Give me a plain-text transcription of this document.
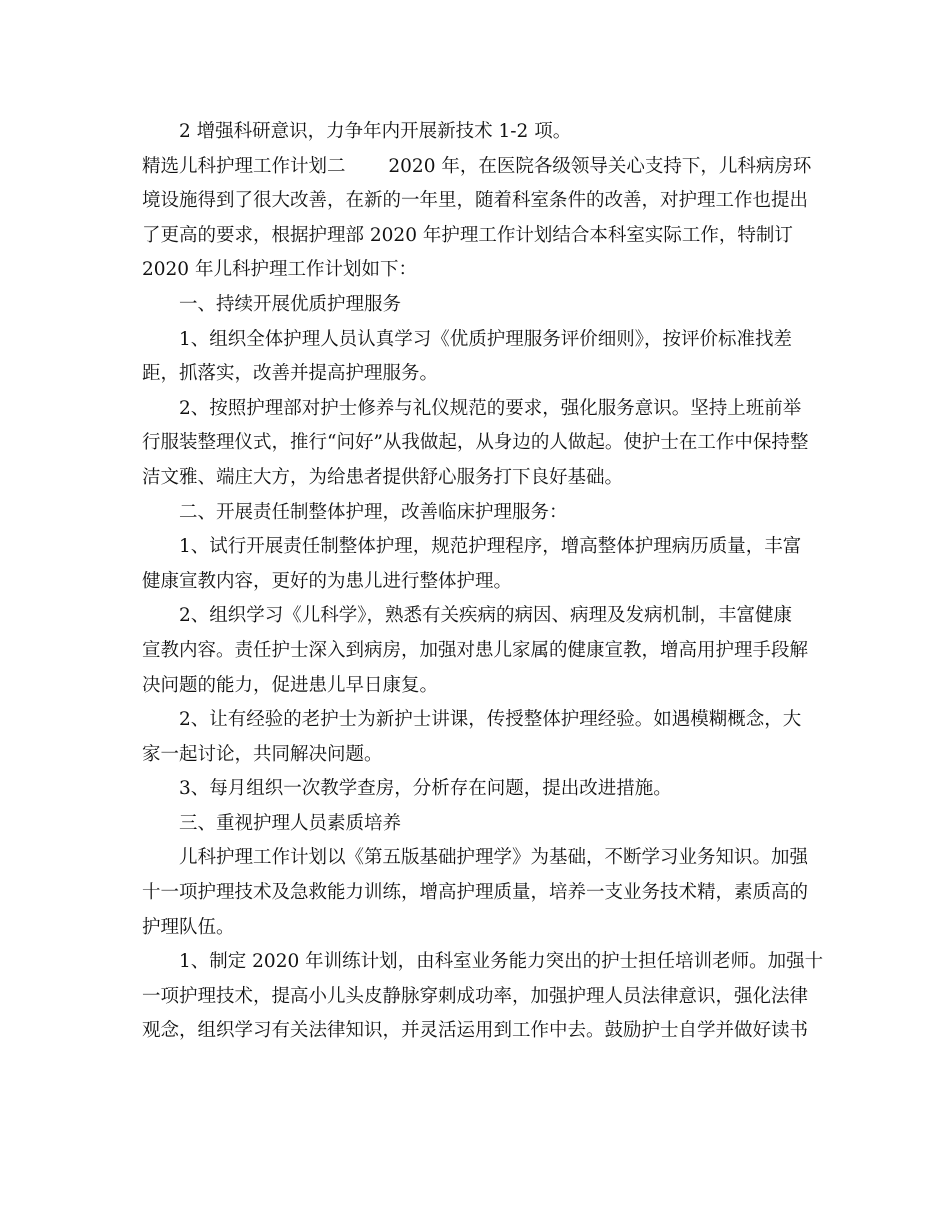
2 增强科研意识，力争年内开展新技术 1-2 项。
精选儿科护理工作计划二　　 2020 年，在医院各级领导关心支持下，儿科病房环
境设施得到了很大改善，在新的一年里，随着科室条件的改善，对护理工作也提出
了更高的要求，根据护理部 2020 年护理工作计划结合本科室实际工作，特制订
2020 年儿科护理工作计划如下：
一、持续开展优质护理服务
1、组织全体护理人员认真学习《优质护理服务评价细则》，按评价标准找差
距，抓落实，改善并提高护理服务。
2、按照护理部对护士修养与礼仪规范的要求，强化服务意识。坚持上班前举
行服装整理仪式，推行“问好”从我做起，从身边的人做起。使护士在工作中保持整
洁文雅、端庄大方，为给患者提供舒心服务打下良好基础。
二、开展责任制整体护理，改善临床护理服务：
1、试行开展责任制整体护理，规范护理程序，增高整体护理病历质量，丰富
健康宣教内容，更好的为患儿进行整体护理。
2、组织学习《儿科学》，熟悉有关疾病的病因、病理及发病机制，丰富健康
宣教内容。责任护士深入到病房，加强对患儿家属的健康宣教，增高用护理手段解
决问题的能力，促进患儿早日康复。
2、让有经验的老护士为新护士讲课，传授整体护理经验。如遇模糊概念，大
家一起讨论，共同解决问题。
3、每月组织一次教学查房，分析存在问题，提出改进措施。
三、重视护理人员素质培养
儿科护理工作计划以《第五版基础护理学》为基础，不断学习业务知识。加强
十一项护理技术及急救能力训练，增高护理质量，培养一支业务技术精，素质高的
护理队伍。
1、制定 2020 年训练计划，由科室业务能力突出的护士担任培训老师。加强十
一项护理技术，提高小儿头皮静脉穿刺成功率，加强护理人员法律意识，强化法律
观念，组织学习有关法律知识，并灵活运用到工作中去。鼓励护士自学并做好读书
